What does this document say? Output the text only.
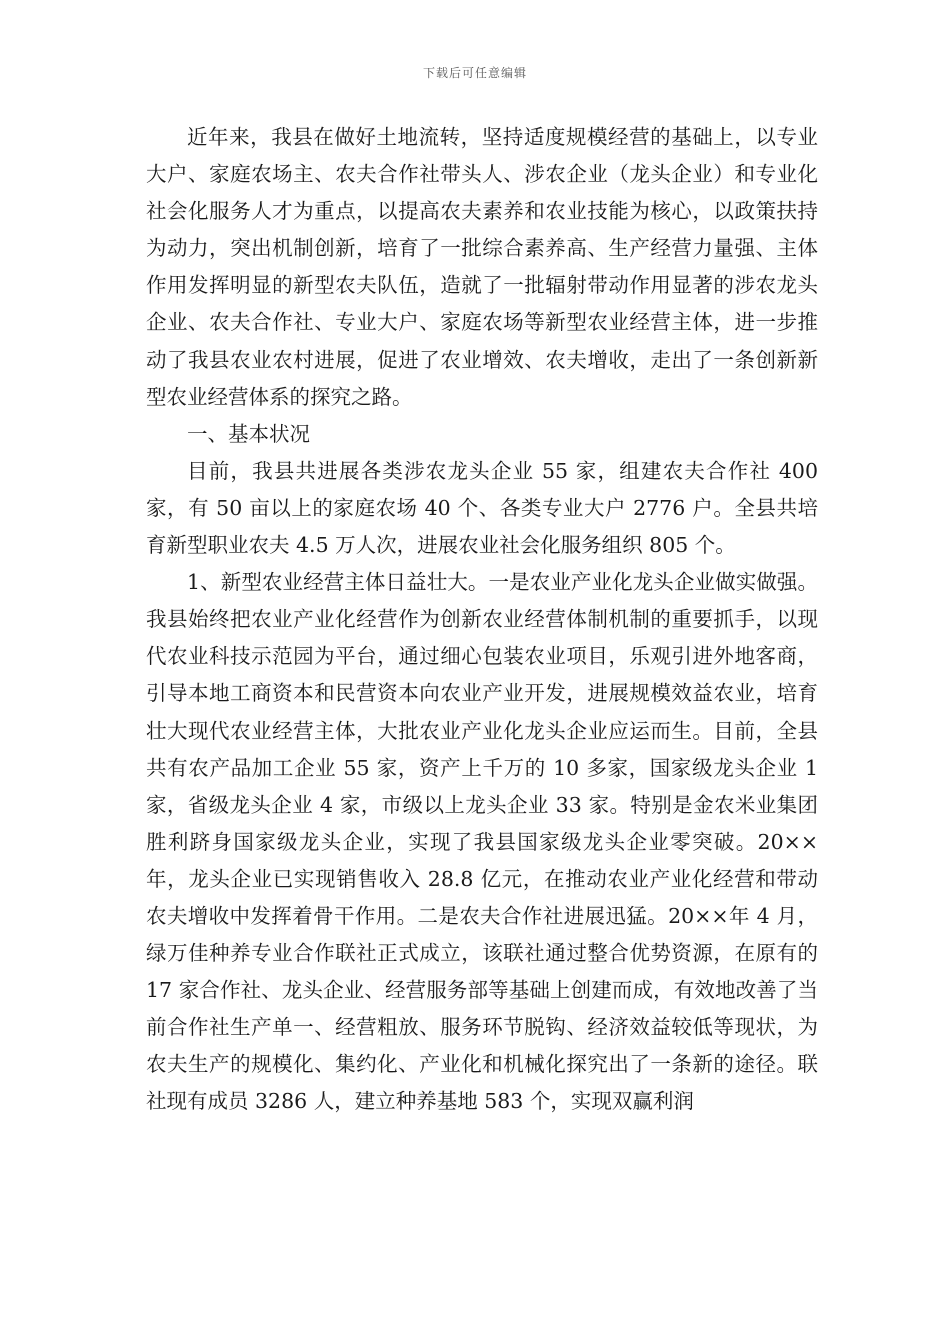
下载后可任意编辑

近年来，我县在做好土地流转，坚持适度规模经营的基础上，以专业大户、家庭农场主、农夫合作社带头人、涉农企业（龙头企业）和专业化社会化服务人才为重点，以提高农夫素养和农业技能为核心，以政策扶持为动力，突出机制创新，培育了一批综合素养高、生产经营力量强、主体作用发挥明显的新型农夫队伍，造就了一批辐射带动作用显著的涉农龙头企业、农夫合作社、专业大户、家庭农场等新型农业经营主体，进一步推动了我县农业农村进展，促进了农业增效、农夫增收，走出了一条创新新型农业经营体系的探究之路。

一、基本状况

目前，我县共进展各类涉农龙头企业 55 家，组建农夫合作社 400 家，有 50 亩以上的家庭农场 40 个、各类专业大户 2776 户。全县共培育新型职业农夫 4.5 万人次，进展农业社会化服务组织 805 个。

1、新型农业经营主体日益壮大。一是农业产业化龙头企业做实做强。我县始终把农业产业化经营作为创新农业经营体制机制的重要抓手，以现代农业科技示范园为平台，通过细心包装农业项目，乐观引进外地客商，引导本地工商资本和民营资本向农业产业开发，进展规模效益农业，培育壮大现代农业经营主体，大批农业产业化龙头企业应运而生。目前，全县共有农产品加工企业 55 家，资产上千万的 10 多家，国家级龙头企业 1 家，省级龙头企业 4 家，市级以上龙头企业 33 家。特别是金农米业集团胜利跻身国家级龙头企业，实现了我县国家级龙头企业零突破。20××年，龙头企业已实现销售收入 28.8 亿元，在推动农业产业化经营和带动农夫增收中发挥着骨干作用。二是农夫合作社进展迅猛。20××年 4 月，绿万佳种养专业合作联社正式成立，该联社通过整合优势资源，在原有的 17 家合作社、龙头企业、经营服务部等基础上创建而成，有效地改善了当前合作社生产单一、经营粗放、服务环节脱钩、经济效益较低等现状，为农夫生产的规模化、集约化、产业化和机械化探究出了一条新的途径。联社现有成员 3286 人，建立种养基地 583 个，实现双赢利润
